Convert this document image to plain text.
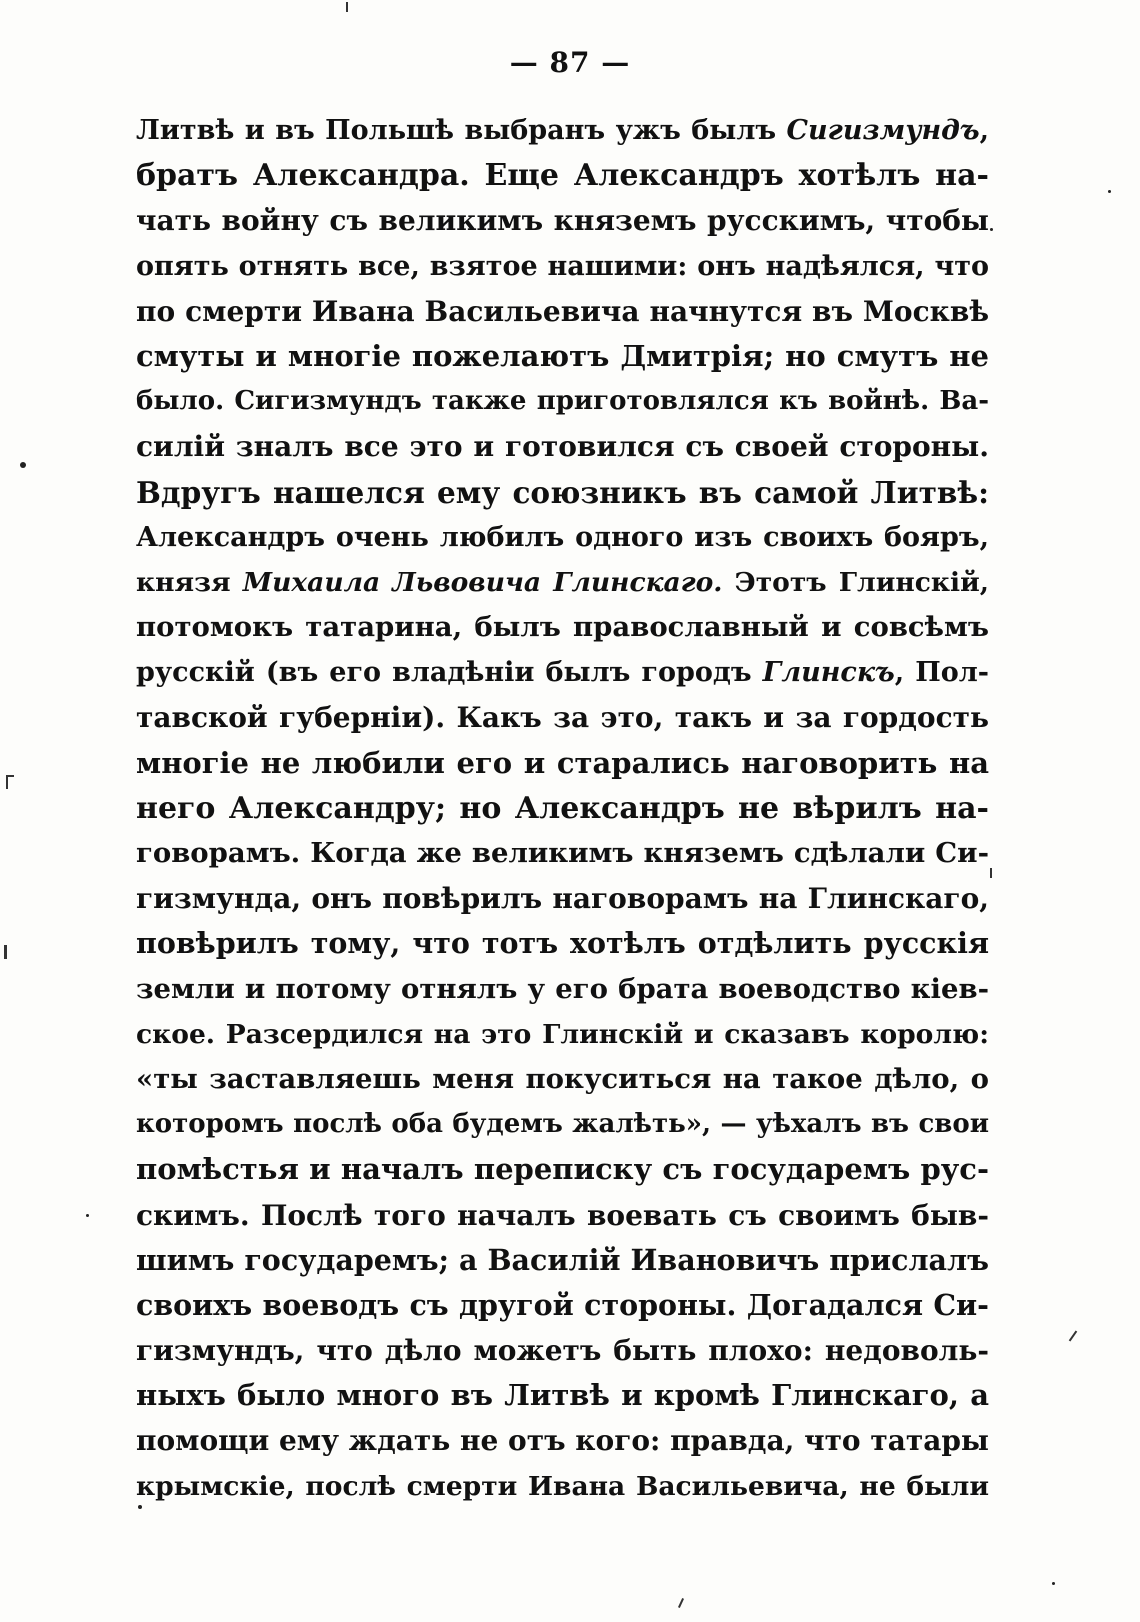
— 87 —
Литвѣ и въ Польшѣ выбранъ ужъ былъ Сигизмундъ,
братъ Александра. Еще Александръ хотѣлъ на-
чать войну съ великимъ княземъ русскимъ, чтобы
опять отнять все, взятое нашими: онъ надѣялся, что
по смерти Ивана Васильевича начнутся въ Москвѣ
смуты и многіе пожелаютъ Дмитрія; но смутъ не
было. Сигизмундъ также приготовлялся къ войнѣ. Ва-
силій зналъ все это и готовился съ своей стороны.
Вдругъ нашелся ему союзникъ въ самой Литвѣ:
Александръ очень любилъ одного изъ своихъ бояръ,
князя Михаила Львовича Глинскаго. Этотъ Глинскій,
потомокъ татарина, былъ православный и совсѣмъ
русскій (въ его владѣніи былъ городъ Глинскъ, Пол-
тавской губерніи). Какъ за это, такъ и за гордость
многіе не любили его и старались наговорить на
него Александру; но Александръ не вѣрилъ на-
говорамъ. Когда же великимъ княземъ сдѣлали Си-
гизмунда, онъ повѣрилъ наговорамъ на Глинскаго,
повѣрилъ тому, что тотъ хотѣлъ отдѣлить русскія
земли и потому отнялъ у его брата воеводство кіев-
ское. Разсердился на это Глинскій и сказавъ королю:
«ты заставляешь меня покуситься на такое дѣло, о
которомъ послѣ оба будемъ жалѣть», — уѣхалъ въ свои
помѣстья и началъ переписку съ государемъ рус-
скимъ. Послѣ того началъ воевать съ своимъ быв-
шимъ государемъ; а Василій Ивановичъ прислалъ
своихъ воеводъ съ другой стороны. Догадался Си-
гизмундъ, что дѣло можетъ быть плохо: недоволь-
ныхъ было много въ Литвѣ и кромѣ Глинскаго, а
помощи ему ждать не отъ кого: правда, что татары
крымскіе, послѣ смерти Ивана Васильевича, не были
